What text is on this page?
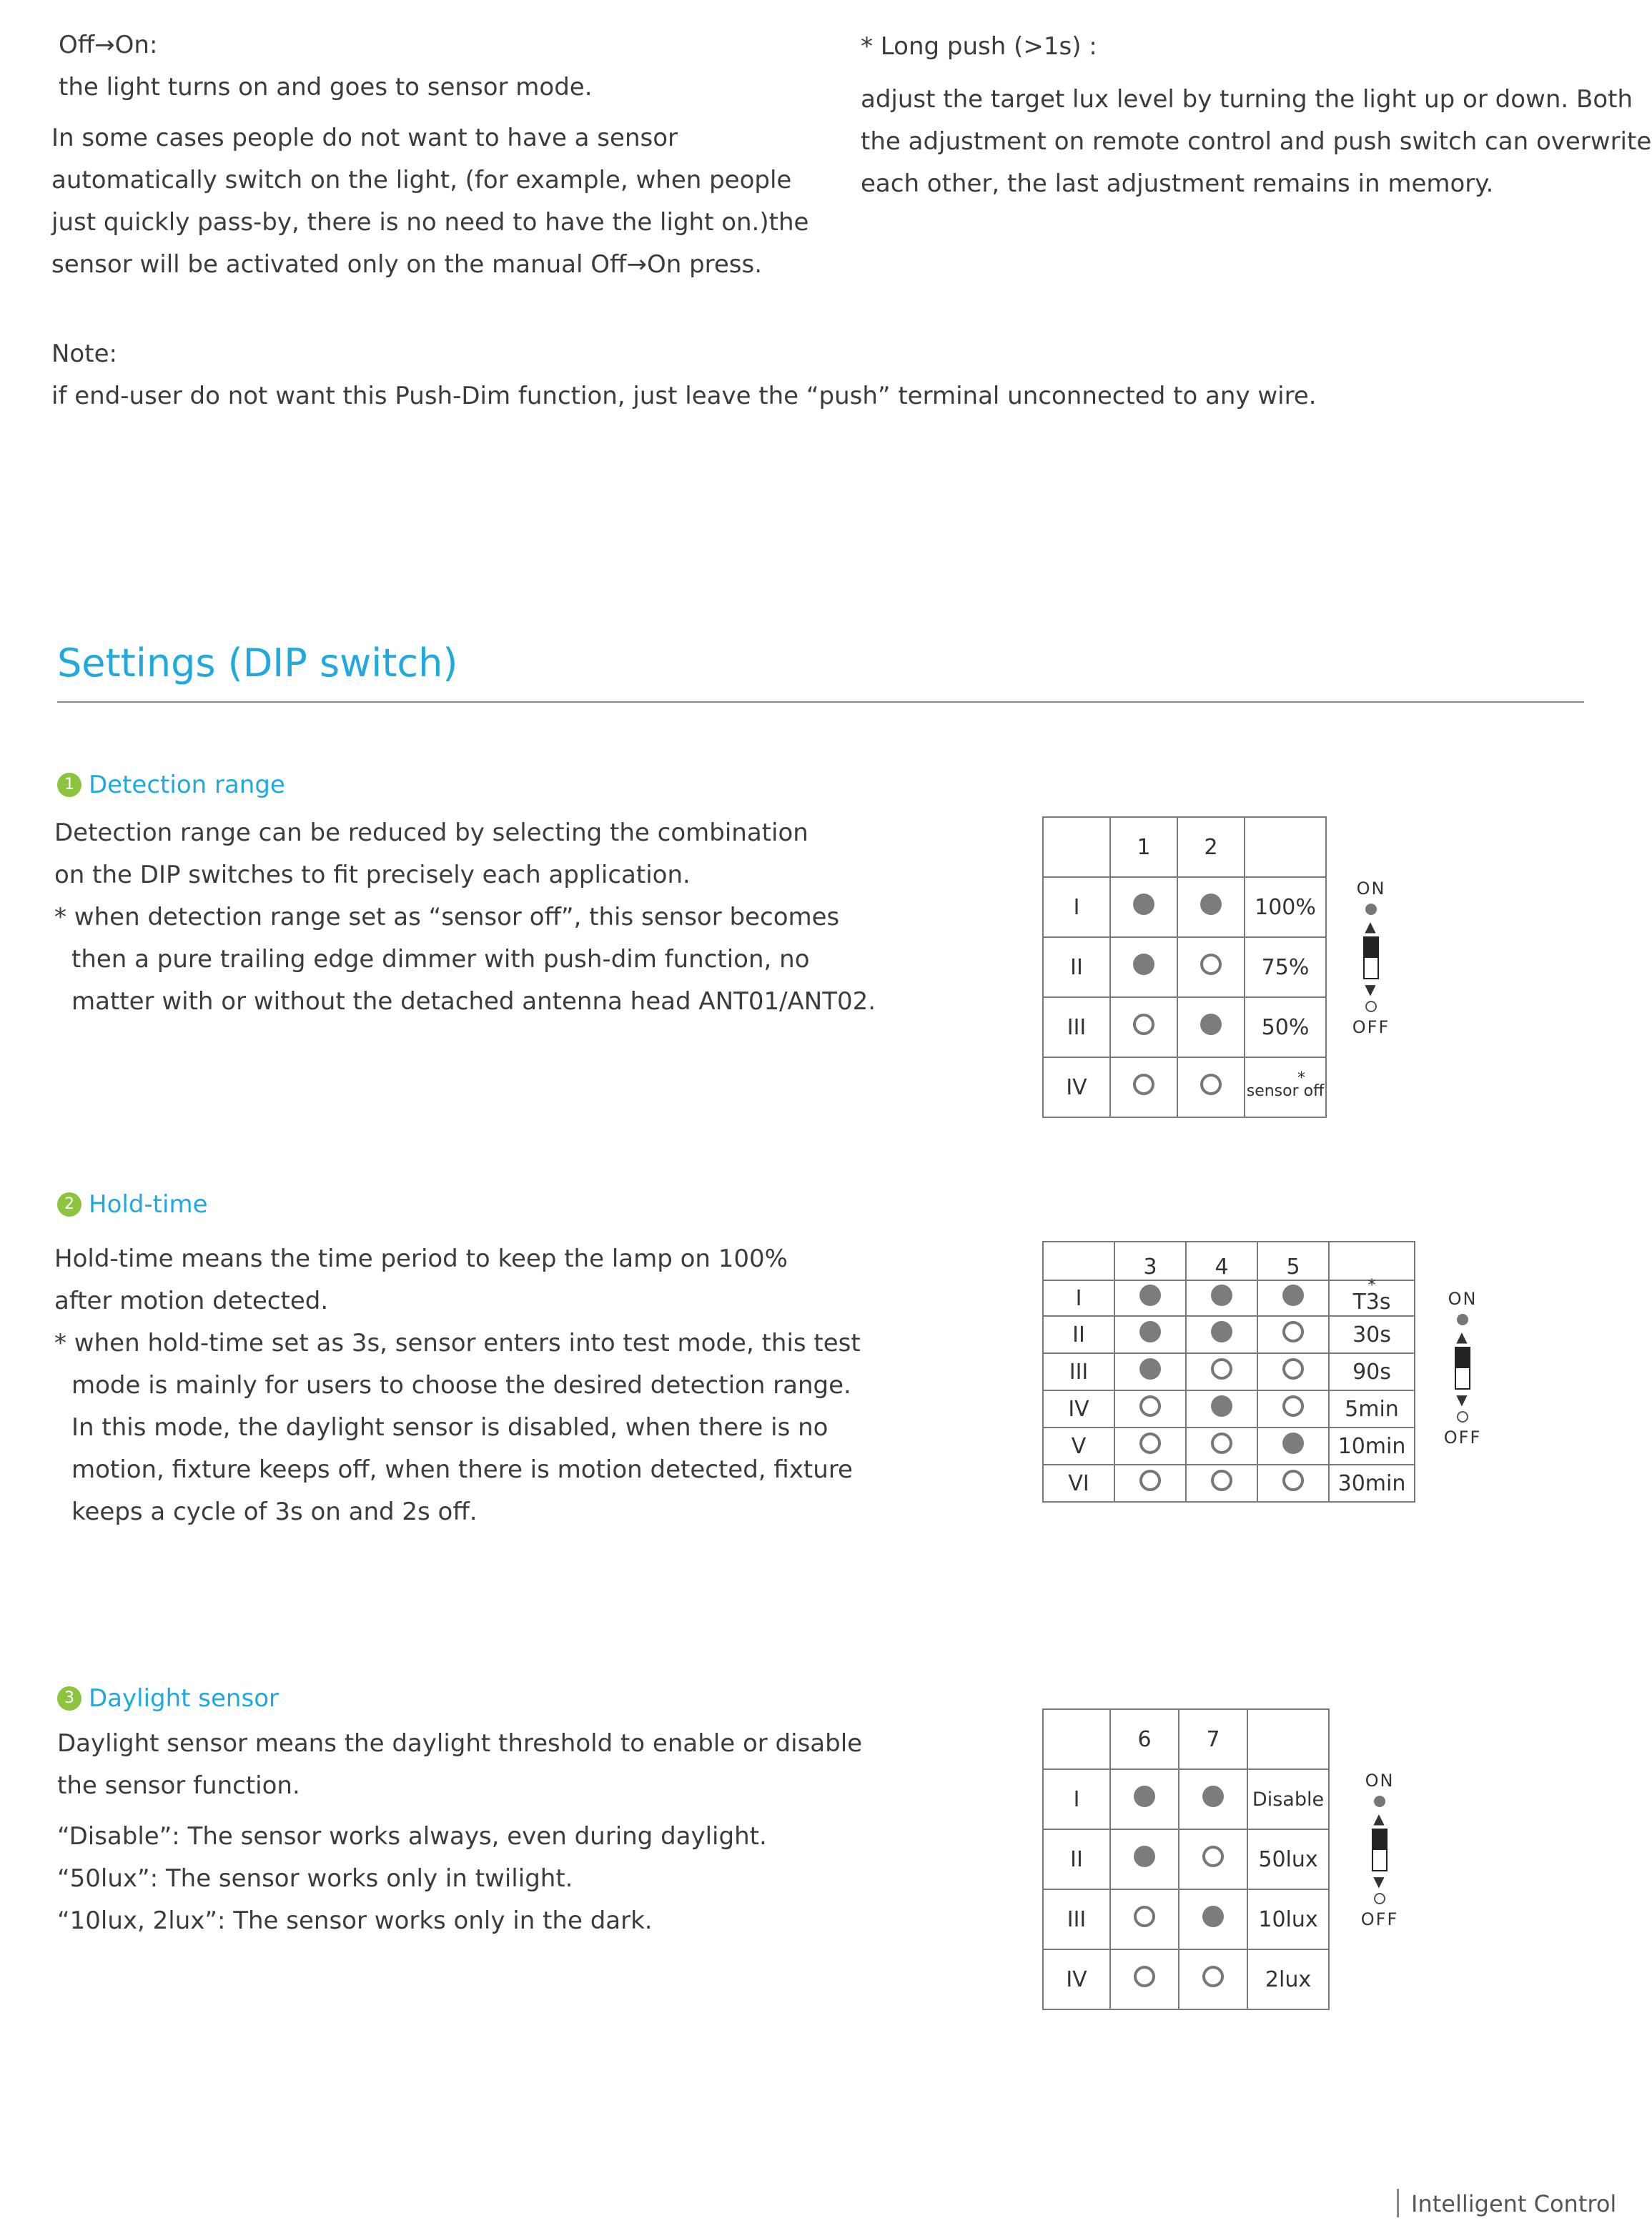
Off→On:

the light turns on and goes to sensor mode.

In some cases people do not want to have a sensor

automatically switch on the light, (for example, when people

just quickly pass-by, there is no need to have the light on.)the

sensor will be activated only on the manual Off→On press.

* Long push (>1s) :

adjust the target lux level by turning the light up or down. Both

the adjustment on remote control and push switch can overwrite

each other, the last adjustment remains in memory.

Note:

if end-user do not want this Push-Dim function, just leave the “push” terminal unconnected to any wire.

Settings (DIP switch)
1 Detection range

Detection range can be reduced by selecting the combination

on the DIP switches to fit precisely each application.

* when detection range set as “sensor off”, this sensor becomes

then a pure trailing edge dimmer with push-dim function, no

matter with or without the detached antenna head ANT01/ANT02.

	1	2	
I			100%
II			75%
III			50%
IV			*
sensor off
ON
▲
▼
OFF
2 Hold-time

Hold-time means the time period to keep the lamp on 100%

after motion detected.

* when hold-time set as 3s, sensor enters into test mode, this test

mode is mainly for users to choose the desired detection range.

In this mode, the daylight sensor is disabled, when there is no

motion, fixture keeps off, when there is motion detected, fixture

keeps a cycle of 3s on and 2s off.

	3	4	5	
I				*
T3s
II				30s
III				90s
IV				5min
V				10min
VI				30min
ON
▲
▼
OFF
3 Daylight sensor

Daylight sensor means the daylight threshold to enable or disable

the sensor function.

“Disable”: The sensor works always, even during daylight.

“50lux”: The sensor works only in twilight.

“10lux, 2lux”: The sensor works only in the dark.

	6	7	
I			Disable
II			50lux
III			10lux
IV			2lux
ON
▲
▼
OFF
Intelligent Control
